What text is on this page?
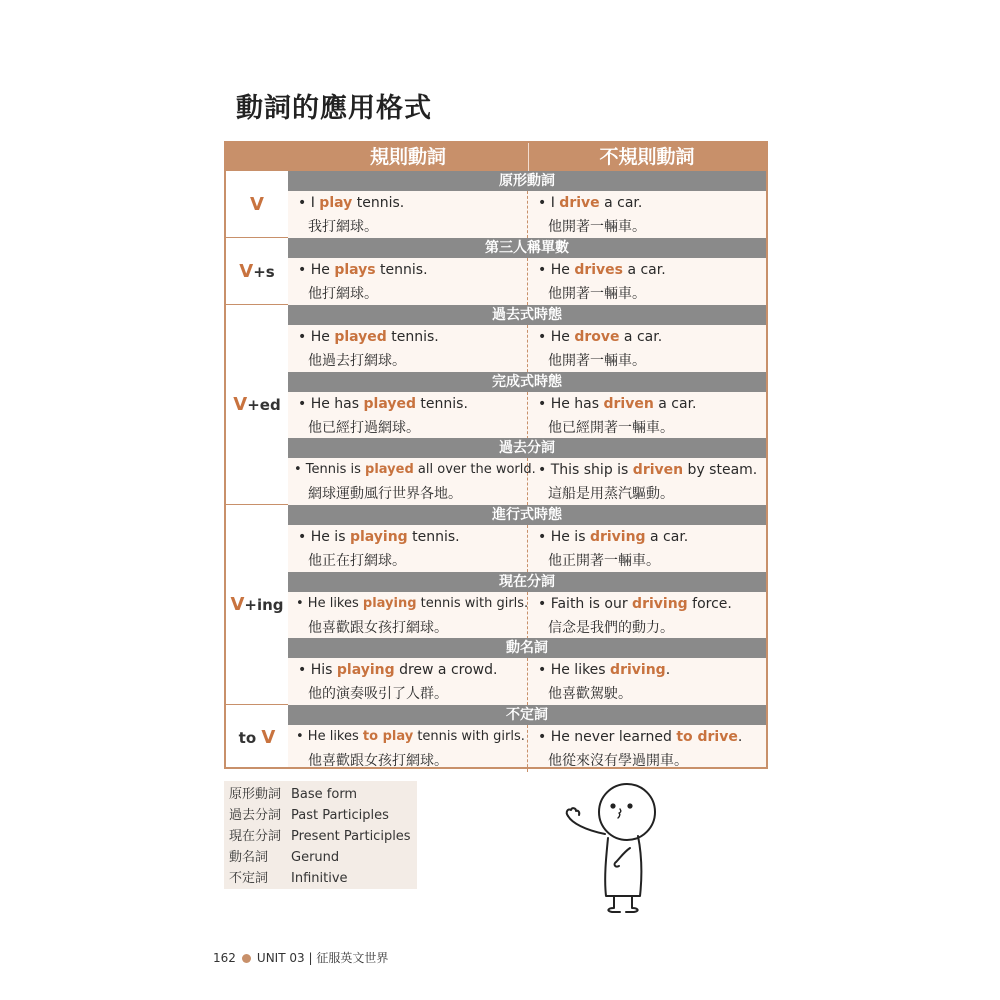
動詞的應用格式
規則動詞	不規則動詞
V
V+s
V+ed
V+ing
to V
原形動詞
• I play tennis.
我打網球。
• I drive a car.
他開著一輛車。
第三人稱單數
• He plays tennis.
他打網球。
• He drives a car.
他開著一輛車。
過去式時態
• He played tennis.
他過去打網球。
• He drove a car.
他開著一輛車。
完成式時態
• He has played tennis.
他已經打過網球。
• He has driven a car.
他已經開著一輛車。
過去分詞
• Tennis is played all over the world.
網球運動風行世界各地。
• This ship is driven by steam.
這船是用蒸汽驅動。
進行式時態
• He is playing tennis.
他正在打網球。
• He is driving a car.
他正開著一輛車。
現在分詞
• He likes playing tennis with girls.
他喜歡跟女孩打網球。
• Faith is our driving force.
信念是我們的動力。
動名詞
• His playing drew a crowd.
他的演奏吸引了人群。
• He likes driving.
他喜歡駕駛。
不定詞
• He likes to play tennis with girls.
他喜歡跟女孩打網球。
• He never learned to drive.
他從來沒有學過開車。
原形動詞 Base form
過去分詞 Past Participles
現在分詞 Present Participles
動名詞 Gerund
不定詞 Infinitive
162 UNIT 03 | 征服英文世界
